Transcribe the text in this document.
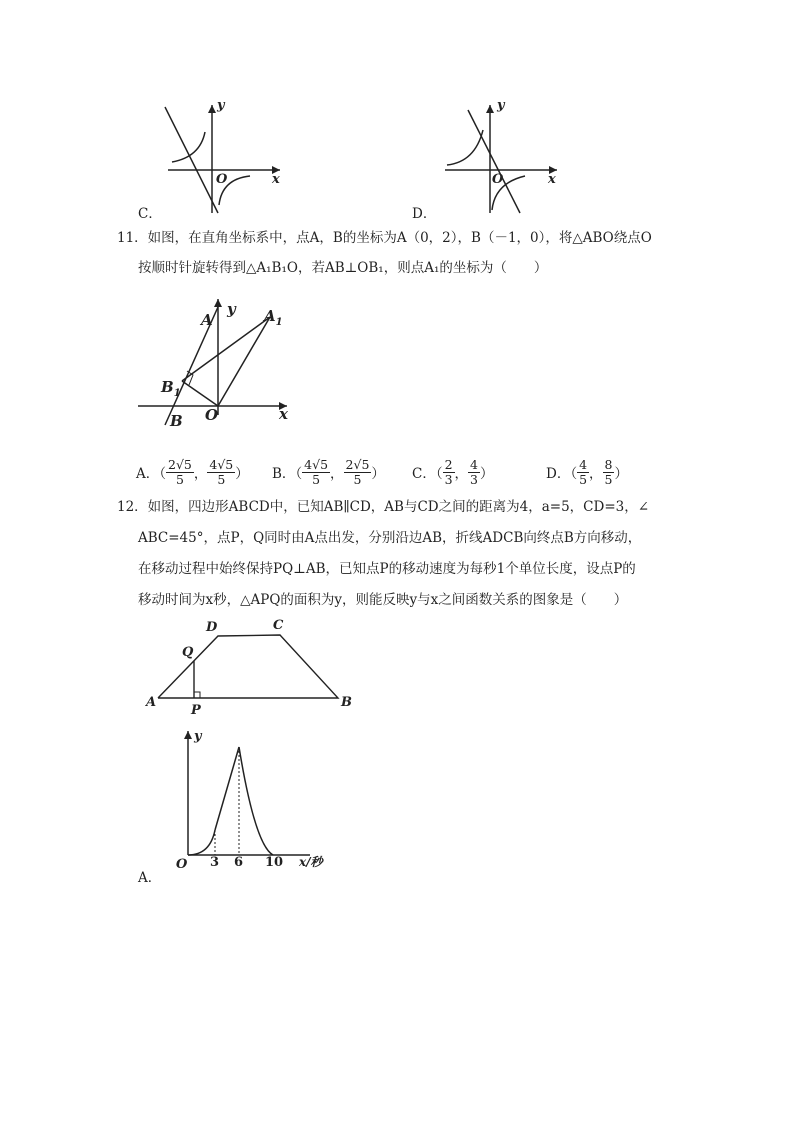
y
x
O
C．
y
x
O
D．
11．如图，在直角坐标系中，点A，B的坐标为A（0，2），B（－1，0），将△ABO绕点O
按顺时针旋转得到△A₁B₁O，若AB⊥OB₁，则点A₁的坐标为（　　）
A
y $A_1$
$B_1$
O	x
B
A．（ $\frac{2√5}{5}$ ， $\frac{4√5}{5}$ ） B．（ $\frac{4√5}{5}$ ， $\frac{2√5}{5}$ ） C．（ $\frac{2}{3}$ ， $\frac{4}{3}$ ）	D．（ $\frac{4}{5}$ ， $\frac{8}{5}$ ）
12．如图，四边形ABCD中，已知AB∥CD，AB与CD之间的距离为4，a=5，CD=3，∠
ABC=45°，点P，Q同时由A点出发，分别沿边AB，折线ADCB向终点B方向移动，
在移动过程中始终保持PQ⊥AB，已知点P的移动速度为每秒1个单位长度，设点P的
移动时间为x秒，△APQ的面积为y，则能反映y与x之间函数关系的图象是（　　）
D	C
Q
A
P
B
y
O 3 6 10 x/秒
A．
